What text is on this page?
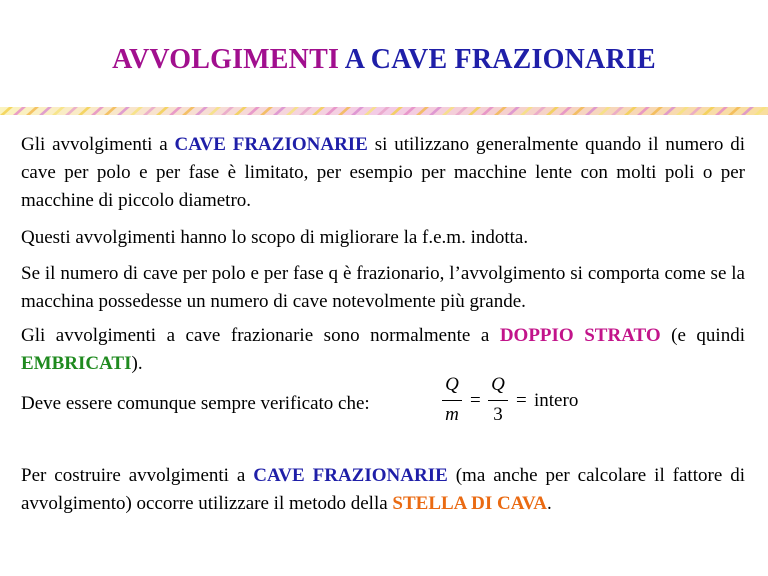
AVVOLGIMENTI A CAVE FRAZIONARIE
Gli avvolgimenti a CAVE FRAZIONARIE si utilizzano generalmente quando il numero di cave per polo e per fase è limitato, per esempio per macchine lente con molti poli o per macchine di piccolo diametro.
Questi avvolgimenti hanno lo scopo di migliorare la f.e.m. indotta.
Se il numero di cave per polo e per fase q è frazionario, l’avvolgimento si comporta come se la macchina possedesse un numero di cave notevolmente più grande.
Gli avvolgimenti a cave frazionarie sono normalmente a DOPPIO STRATO (e quindi EMBRICATI).
Deve essere comunque sempre verificato che:
Q
m
=
Q
3
= intero
Per costruire avvolgimenti a CAVE FRAZIONARIE (ma anche per calcolare il fattore di avvolgimento) occorre utilizzare il metodo della STELLA DI CAVA.
